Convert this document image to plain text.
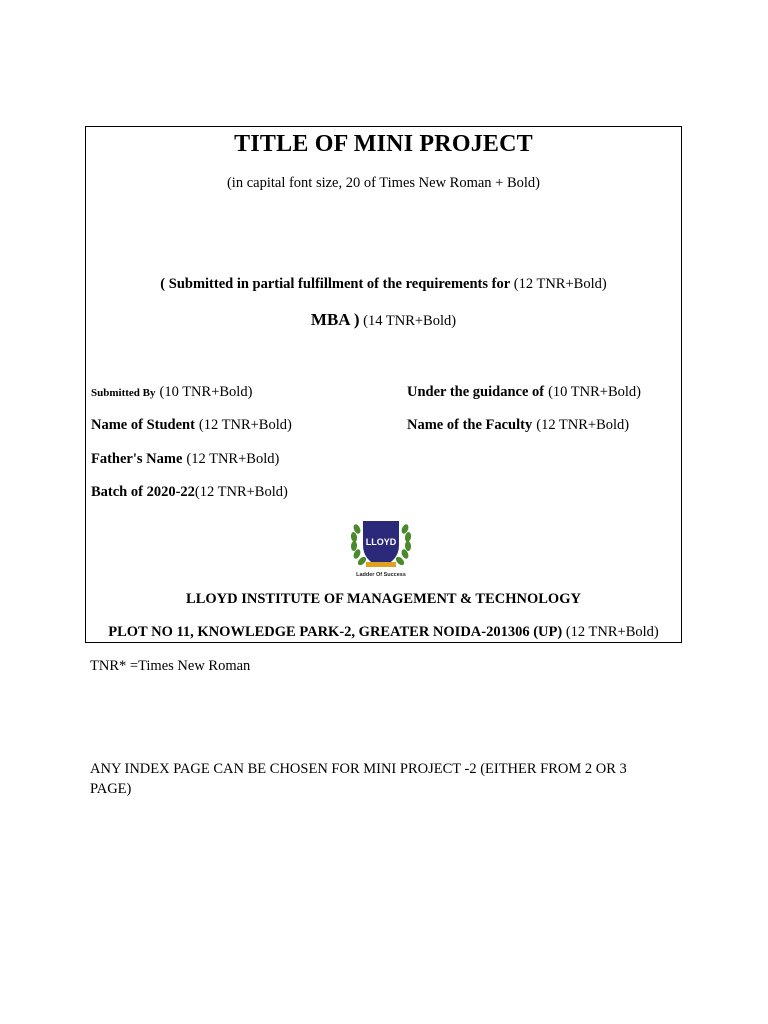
TITLE OF MINI PROJECT
(in capital font size, 20 of Times New Roman + Bold)
( Submitted in partial fulfillment of the requirements for (12 TNR+Bold)
MBA ) (14 TNR+Bold)
Submitted By (10 TNR+Bold)
Name of Student (12 TNR+Bold)
Father's Name (12 TNR+Bold)
Batch of 2020-22(12 TNR+Bold)
Under the guidance of (10 TNR+Bold)
Name of the Faculty (12 TNR+Bold)
LLOYD
Ladder Of Success
LLOYD INSTITUTE OF MANAGEMENT & TECHNOLOGY
PLOT NO 11, KNOWLEDGE PARK-2, GREATER NOIDA-201306 (UP) (12 TNR+Bold)
TNR* =Times New Roman
ANY INDEX PAGE CAN BE CHOSEN FOR MINI PROJECT -2 (EITHER FROM 2 OR 3 PAGE)
